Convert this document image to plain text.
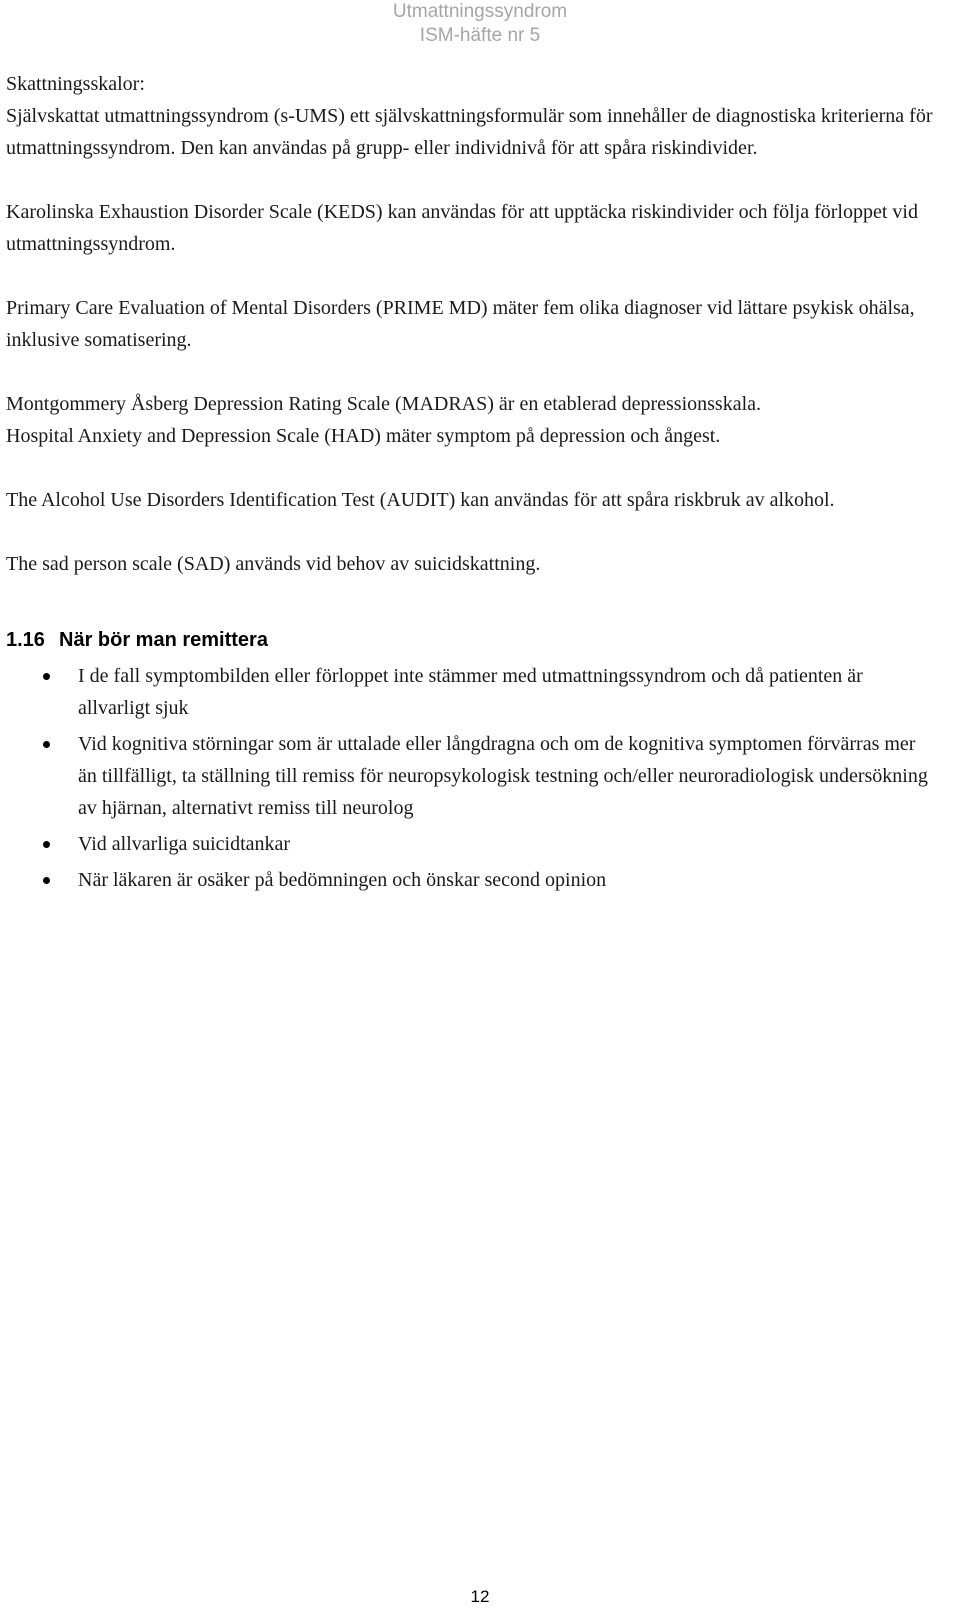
Utmattningssyndrom
ISM-häfte nr 5

Skattningsskalor:

Självskattat utmattningssyndrom (s-UMS) ett självskattningsformulär som innehåller de diagnostiska kriterierna för utmattningssyndrom. Den kan användas på grupp- eller individnivå för att spåra riskindivider.

Karolinska Exhaustion Disorder Scale (KEDS) kan användas för att upptäcka riskindivider och följa förloppet vid utmattningssyndrom.

Primary Care Evaluation of Mental Disorders (PRIME MD) mäter fem olika diagnoser vid lättare psykisk ohälsa, inklusive somatisering.

Montgommery Åsberg Depression Rating Scale (MADRAS) är en etablerad depressionsskala.

Hospital Anxiety and Depression Scale (HAD) mäter symptom på depression och ångest.

The Alcohol Use Disorders Identification Test (AUDIT) kan användas för att spåra riskbruk av alkohol.

The sad person scale (SAD) används vid behov av suicidskattning.

1.16 När bör man remittera
I de fall symptombilden eller förloppet inte stämmer med utmattningssyndrom och då patienten är allvarligt sjuk
Vid kognitiva störningar som är uttalade eller långdragna och om de kognitiva symptomen förvärras mer än tillfälligt, ta ställning till remiss för neuropsykologisk testning och/eller neuroradiologisk undersökning av hjärnan, alternativt remiss till neurolog
Vid allvarliga suicidtankar
När läkaren är osäker på bedömningen och önskar second opinion
12
